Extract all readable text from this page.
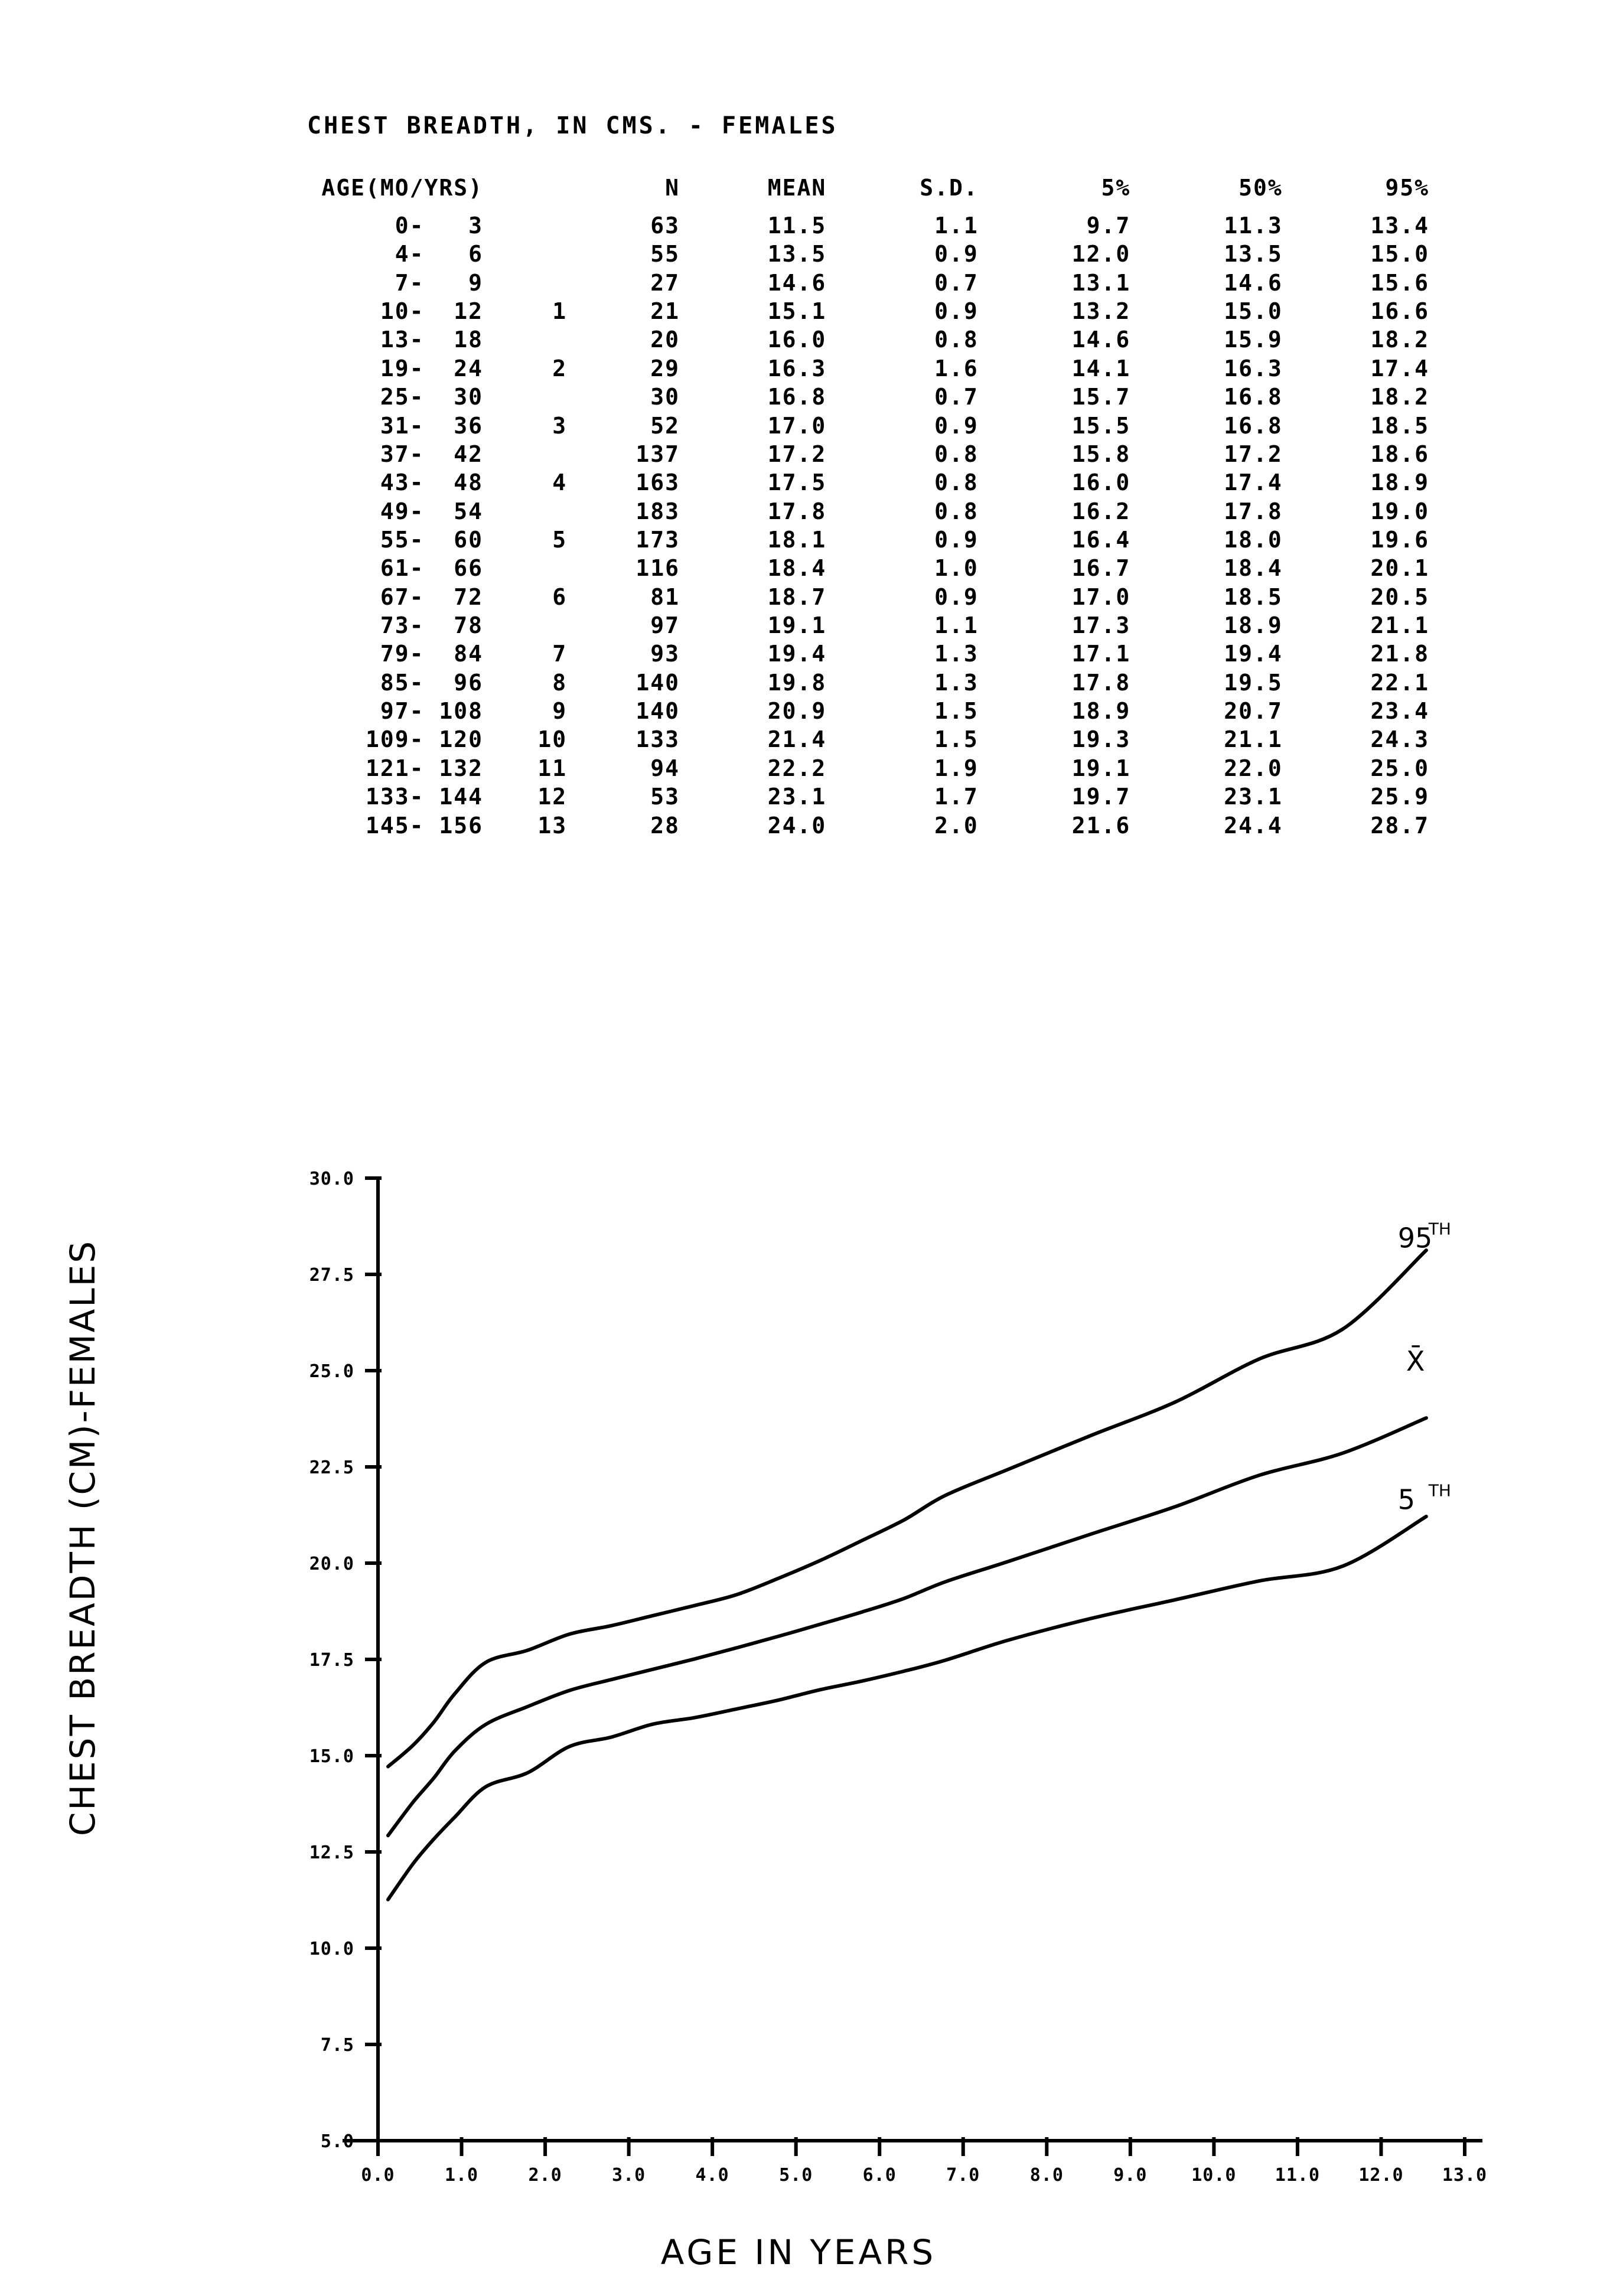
CHEST BREADTH, IN CMS. - FEMALES
AGE(MO/YRS)		N	MEAN	S.D.	5%	50%	95%
0-   3		63	11.5	1.1	9.7	11.3	13.4
4-   6		55	13.5	0.9	12.0	13.5	15.0
7-   9		27	14.6	0.7	13.1	14.6	15.6
10-  12	1	21	15.1	0.9	13.2	15.0	16.6
13-  18		20	16.0	0.8	14.6	15.9	18.2
19-  24	2	29	16.3	1.6	14.1	16.3	17.4
25-  30		30	16.8	0.7	15.7	16.8	18.2
31-  36	3	52	17.0	0.9	15.5	16.8	18.5
37-  42		137	17.2	0.8	15.8	17.2	18.6
43-  48	4	163	17.5	0.8	16.0	17.4	18.9
49-  54		183	17.8	0.8	16.2	17.8	19.0
55-  60	5	173	18.1	0.9	16.4	18.0	19.6
61-  66		116	18.4	1.0	16.7	18.4	20.1
67-  72	6	81	18.7	0.9	17.0	18.5	20.5
73-  78		97	19.1	1.1	17.3	18.9	21.1
79-  84	7	93	19.4	1.3	17.1	19.4	21.8
85-  96	8	140	19.8	1.3	17.8	19.5	22.1
97- 108	9	140	20.9	1.5	18.9	20.7	23.4
109- 120	10	133	21.4	1.5	19.3	21.1	24.3
121- 132	11	94	22.2	1.9	19.1	22.0	25.0
133- 144	12	53	23.1	1.7	19.7	23.1	25.9
145- 156	13	28	24.0	2.0	21.6	24.4	28.7
CHEST BREADTH (CM)-FEMALES
AGE IN YEARS
5.0
7.5
10.0
12.5
15.0
17.5
20.0
22.5
25.0
27.5
30.0
0.0	1.0	2.0	3.0	4.0	5.0	6.0	7.0	8.0	9.0 10.0 11.0 12.0 13.0
95
TH
X̄
5 TH
